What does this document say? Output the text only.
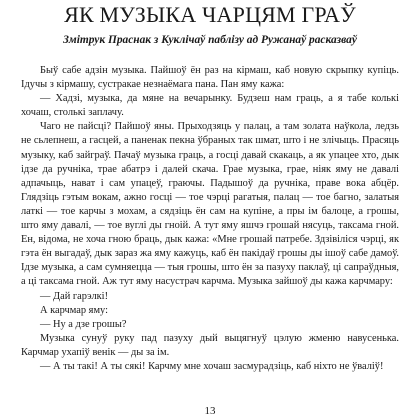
ЯК МУЗЫКА ЧАРЦЯМ ГРАЎ
Змітрук Праснак з Куклічаў паблізу ад Ружанаў расказваў

Быў сабе адзін музыка. Пайшоў ён раз на кірмаш, каб новую скрыпку купіць. Ідучы з кірмашу, сустракае незнаёмага пана. Пан яму кажа:

— Хадзі, музыка, да мяне на вечарынку. Будзеш нам граць, а я табе колькі хочаш, столькі заплачу.

Чаго не пайсці? Пайшоў яны. Прыходзяць у палац, а там золата наўкола, ледзь не сьлепнеш, а гасцей, а паненак пекна ўбраных так шмат, што і не злічыць. Прасяць музыку, каб зайграў. Пачаў музыка граць, а госці давай скакаць, а як упацее хто, дык ідзе да ручніка, трае абатрэ і далей скача. Грае музыка, грае, ніяк яму не давалі адпачыць, нават і сам упацеў, граючы. Падышоў да ручніка, праве вока абцёр. Глядзіць гэтым вокам, ажно госці — тое чэрці рагатыя, палац — тое багно, залатыя латкі — тое карчы з мохам, а сядзіць ён сам на купіне, а пры ім балоце, а грошы, што яму давалі, — тое вуглі ды гноій. А тут яму яшчэ грошай нясуць, таксама гной. Ен, відома, не хоча гною браць, дык кажа: «Мне грошай патребе. Здзівіліся чэрці, як гэта ён выгадаў, дык зараз жа яму кажуць, каб ён пакідаў грошы ды ішоў сабе дамоў. Ідзе музыка, а сам сумняецца — тыя грошы, што ён за пазуху паклаў, ці сапраўдныя, а ці таксама гной. Аж тут яму насустрач карчма. Музыка зайшоў ды кажа карчмару:

— Дай гарэлкі!

А карчмар яму:

— Ну а дзе грошы?

Музыка сунуў руку пад пазуху дый выцягнуў цэлую жменю навусенька. Карчмар ухапіў венік — ды за ім.

— А ты такі! А ты сякі! Карчму мне хочаш засмурадзіць, каб ніхто не ўваліў!

13
